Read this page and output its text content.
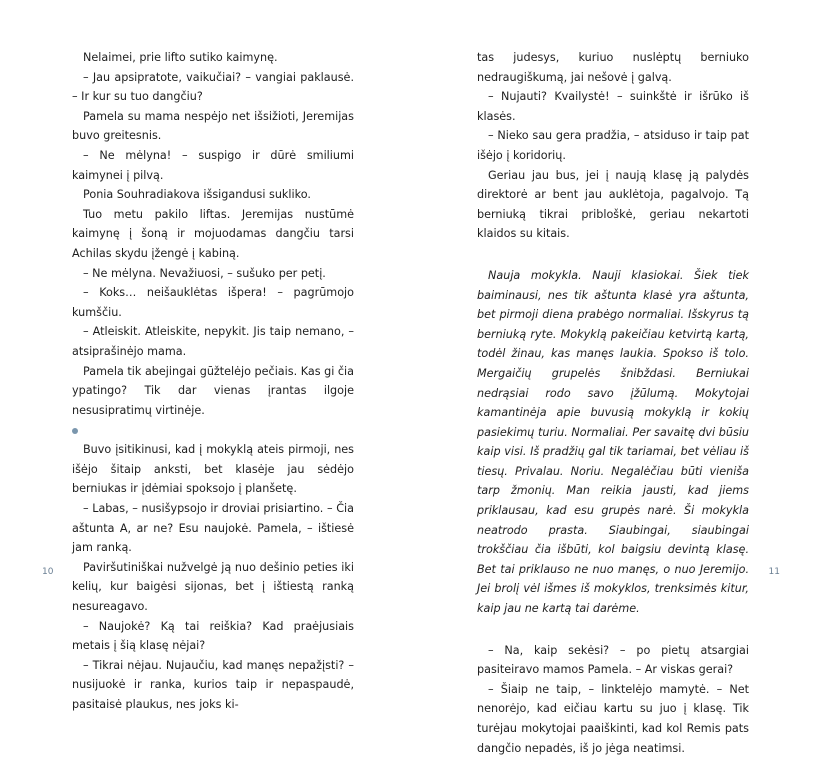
Nelaimei, prie lifto sutiko kaimynę.

– Jau apsipratote, vaikučiai? – vangiai paklausė. – Ir kur su tuo dangčiu?

Pamela su mama nespėjo net išsižioti, Jeremijas buvo greitesnis.

– Ne mėlyna! – suspigo ir dūrė smiliumi kaimynei į pilvą.

Ponia Souhradiakova išsigandusi sukliko.

Tuo metu pakilo liftas. Jeremijas nustūmė kaimynę į šoną ir mojuodamas dangčiu tarsi Achilas skydu įžengė į kabiną.

– Ne mėlyna. Nevažiuosi, – sušuko per petį.

– Koks… neišauklėtas išpera! – pagrūmojo kumščiu.

– Atleiskit. Atleiskite, nepykit. Jis taip nemano, – atsiprašinėjo mama.

Pamela tik abejingai gūžtelėjo pečiais. Kas gi čia ypatingo? Tik dar vienas įrantas ilgoje nesusipratimų virtinėje.

Buvo įsitikinusi, kad į mokyklą ateis pirmoji, nes išėjo šitaip anksti, bet klasėje jau sėdėjo berniukas ir įdėmiai spoksojo į planšetę.

– Labas, – nusišypsojo ir droviai prisiartino. – Čia aštunta A, ar ne? Esu naujokė. Pamela, – ištiesė jam ranką.

Paviršutiniškai nužvelgė ją nuo dešinio peties iki kelių, kur baigėsi sijonas, bet į ištiestą ranką nesureagavo.

– Naujokė? Ką tai reiškia? Kad praėjusiais metais į šią klasę nėjai?

– Tikrai nėjau. Nujaučiu, kad manęs nepažįsti? – nusijuokė ir ranka, kurios taip ir nepaspaudė, pasitaisė plaukus, nes joks ki-

10

tas judesys, kuriuo nuslėptų berniuko nedraugiškumą, jai nešovė į galvą.

– Nujauti? Kvailystė! – suinkštė ir išrūko iš klasės.

– Nieko sau gera pradžia, – atsiduso ir taip pat išėjo į koridorių.

Geriau jau bus, jei į naują klasę ją palydės direktorė ar bent jau auklėtoja, pagalvojo. Tą berniuką tikrai pribloškė, geriau nekartoti klaidos su kitais.

Nauja mokykla. Nauji klasiokai. Šiek tiek baiminausi, nes tik aštunta klasė yra aštunta, bet pirmoji diena prabėgo normaliai. Išskyrus tą berniuką ryte. Mokyklą pakeičiau ketvirtą kartą, todėl žinau, kas manęs laukia. Spokso iš tolo. Mergaičių grupelės šnibždasi. Berniukai nedrąsiai rodo savo įžūlumą. Mokytojai kamantinėja apie buvusią mokyklą ir kokių pasiekimų turiu. Normaliai. Per savaitę dvi būsiu kaip visi. Iš pradžių gal tik tariamai, bet vėliau iš tiesų. Privalau. Noriu. Negalėčiau būti vieniša tarp žmonių. Man reikia jausti, kad jiems priklausau, kad esu grupės narė. Ši mokykla neatrodo prasta. Siaubingai, siaubingai trokščiau čia išbūti, kol baigsiu devintą klasę. Bet tai priklauso ne nuo manęs, o nuo Jeremijo. Jei brolį vėl išmes iš mokyklos, trenksimės kitur, kaip jau ne kartą tai darėme.

– Na, kaip sekėsi? – po pietų atsargiai pasiteiravo mamos Pamela. – Ar viskas gerai?

– Šiaip ne taip, – linktelėjo mamytė. – Net nenorėjo, kad eičiau kartu su juo į klasę. Tik turėjau mokytojai paaiškinti, kad kol Remis pats dangčio nepadės, iš jo jėga neatimsi.

11
